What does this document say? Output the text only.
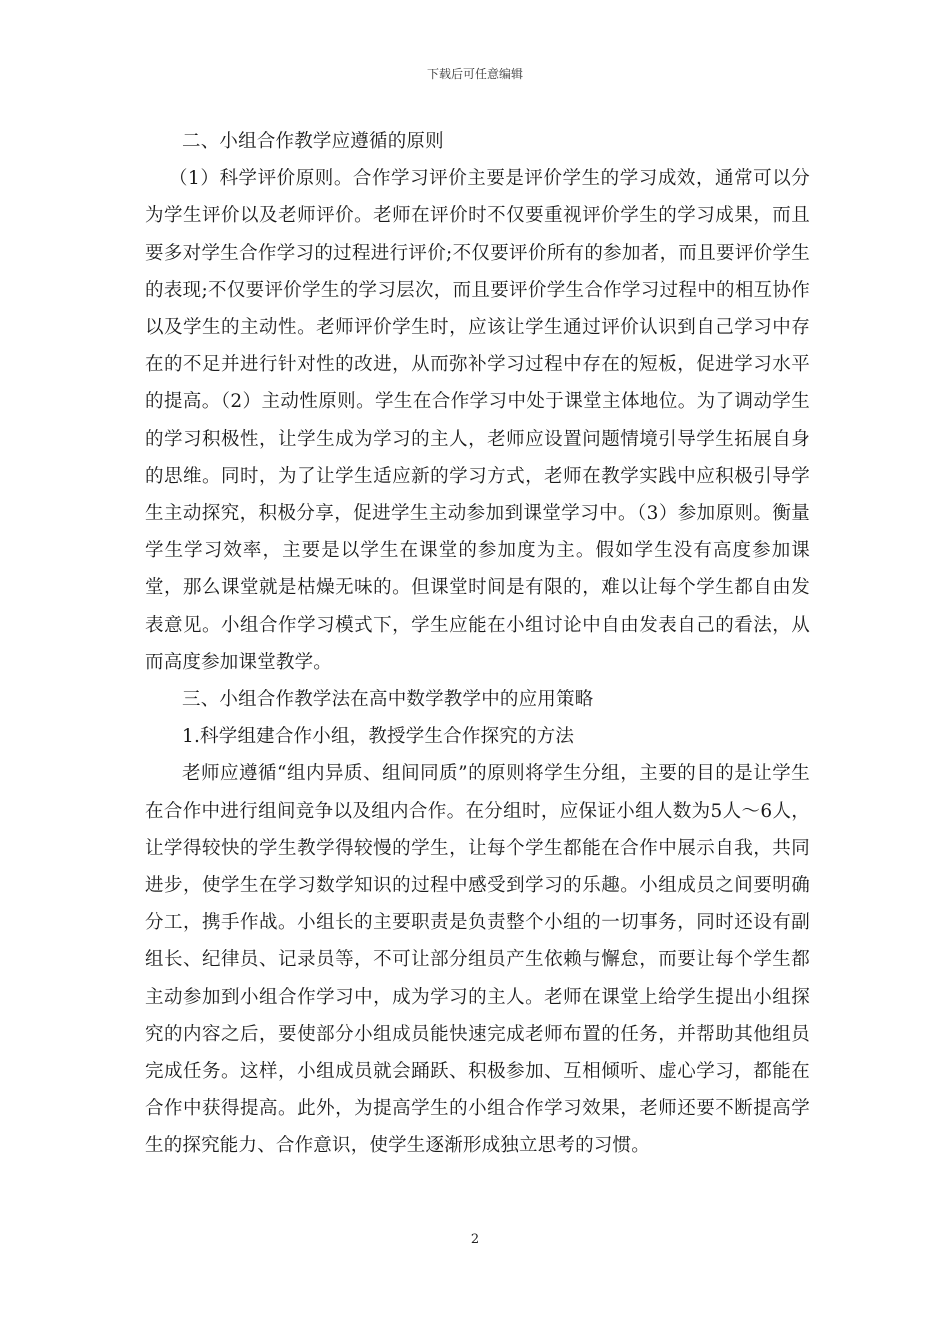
下载后可任意编辑

二、小组合作教学应遵循的原则

（1）科学评价原则。合作学习评价主要是评价学生的学习成效，通常可以分为学生评价以及老师评价。老师在评价时不仅要重视评价学生的学习成果，而且要多对学生合作学习的过程进行评价;不仅要评价所有的参加者，而且要评价学生的表现;不仅要评价学生的学习层次，而且要评价学生合作学习过程中的相互协作以及学生的主动性。老师评价学生时，应该让学生通过评价认识到自己学习中存在的不足并进行针对性的改进，从而弥补学习过程中存在的短板，促进学习水平的提高。（2）主动性原则。学生在合作学习中处于课堂主体地位。为了调动学生的学习积极性，让学生成为学习的主人，老师应设置问题情境引导学生拓展自身的思维。同时，为了让学生适应新的学习方式，老师在教学实践中应积极引导学生主动探究，积极分享，促进学生主动参加到课堂学习中。（3）参加原则。衡量学生学习效率，主要是以学生在课堂的参加度为主。假如学生没有高度参加课堂，那么课堂就是枯燥无味的。但课堂时间是有限的，难以让每个学生都自由发表意见。小组合作学习模式下，学生应能在小组讨论中自由发表自己的看法，从而高度参加课堂教学。

三、小组合作教学法在高中数学教学中的应用策略

1.科学组建合作小组，教授学生合作探究的方法

老师应遵循“组内异质、组间同质”的原则将学生分组，主要的目的是让学生在合作中进行组间竞争以及组内合作。在分组时，应保证小组人数为5人～6人，让学得较快的学生教学得较慢的学生，让每个学生都能在合作中展示自我，共同进步，使学生在学习数学知识的过程中感受到学习的乐趣。小组成员之间要明确分工，携手作战。小组长的主要职责是负责整个小组的一切事务，同时还设有副组长、纪律员、记录员等，不可让部分组员产生依赖与懈怠，而要让每个学生都主动参加到小组合作学习中，成为学习的主人。老师在课堂上给学生提出小组探究的内容之后，要使部分小组成员能快速完成老师布置的任务，并帮助其他组员完成任务。这样，小组成员就会踊跃、积极参加、互相倾听、虚心学习，都能在合作中获得提高。此外，为提高学生的小组合作学习效果，老师还要不断提高学生的探究能力、合作意识，使学生逐渐形成独立思考的习惯。

2
